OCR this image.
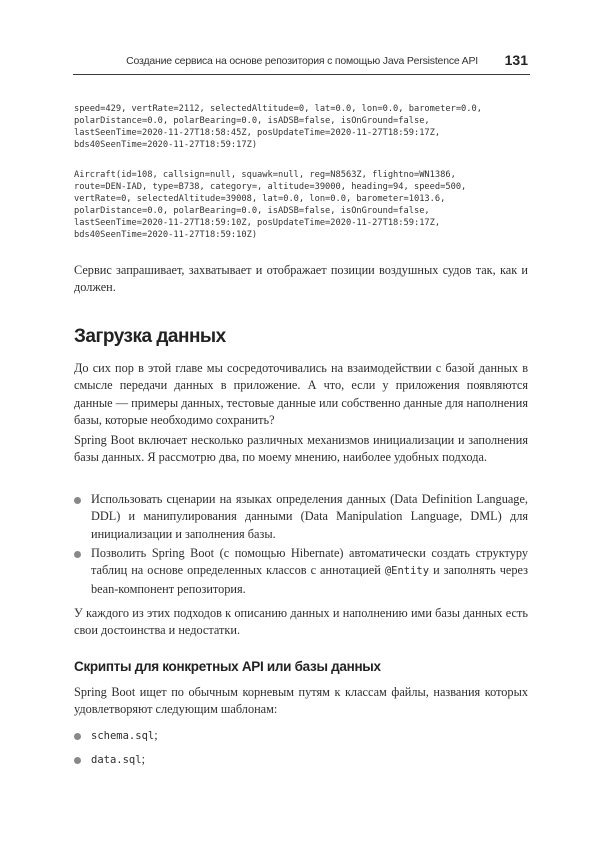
Создание сервиса на основе репозитория с помощью Java Persistence API 131
speed=429, vertRate=2112, selectedAltitude=0, lat=0.0, lon=0.0, barometer=0.0,
polarDistance=0.0, polarBearing=0.0, isADSB=false, isOnGround=false,
lastSeenTime=2020-11-27T18:58:45Z, posUpdateTime=2020-11-27T18:59:17Z,
bds40SeenTime=2020-11-27T18:59:17Z)
Aircraft(id=108, callsign=null, squawk=null, reg=N8563Z, flightno=WN1386,
route=DEN-IAD, type=B738, category=, altitude=39000, heading=94, speed=500,
vertRate=0, selectedAltitude=39008, lat=0.0, lon=0.0, barometer=1013.6,
polarDistance=0.0, polarBearing=0.0, isADSB=false, isOnGround=false,
lastSeenTime=2020-11-27T18:59:10Z, posUpdateTime=2020-11-27T18:59:17Z,
bds40SeenTime=2020-11-27T18:59:10Z)

Сервис запрашивает, захватывает и отображает позиции воздушных судов так, как и должен.

Загрузка данных

До сих пор в этой главе мы сосредоточивались на взаимодействии с базой данных в смысле передачи данных в приложение. А что, если у приложения появляются данные — примеры данных, тестовые данные или собственно данные для наполнения базы, которые необходимо сохранить?

Spring Boot включает несколько различных механизмов инициализации и заполнения базы данных. Я рассмотрю два, по моему мнению, наиболее удобных подхода.

Использовать сценарии на языках определения данных (Data Definition Language, DDL) и манипулирования данными (Data Manipulation Language, DML) для инициализации и заполнения базы.
Позволить Spring Boot (с помощью Hibernate) автоматически создать структуру таблиц на основе определенных классов с аннотацией @Entity и заполнять через bean-компонент репозитория.

У каждого из этих подходов к описанию данных и наполнению ими базы данных есть свои достоинства и недостатки.

Скрипты для конкретных API или базы данных

Spring Boot ищет по обычным корневым путям к классам файлы, названия которых удовлетворяют следующим шаблонам:

schema.sql;
data.sql;
